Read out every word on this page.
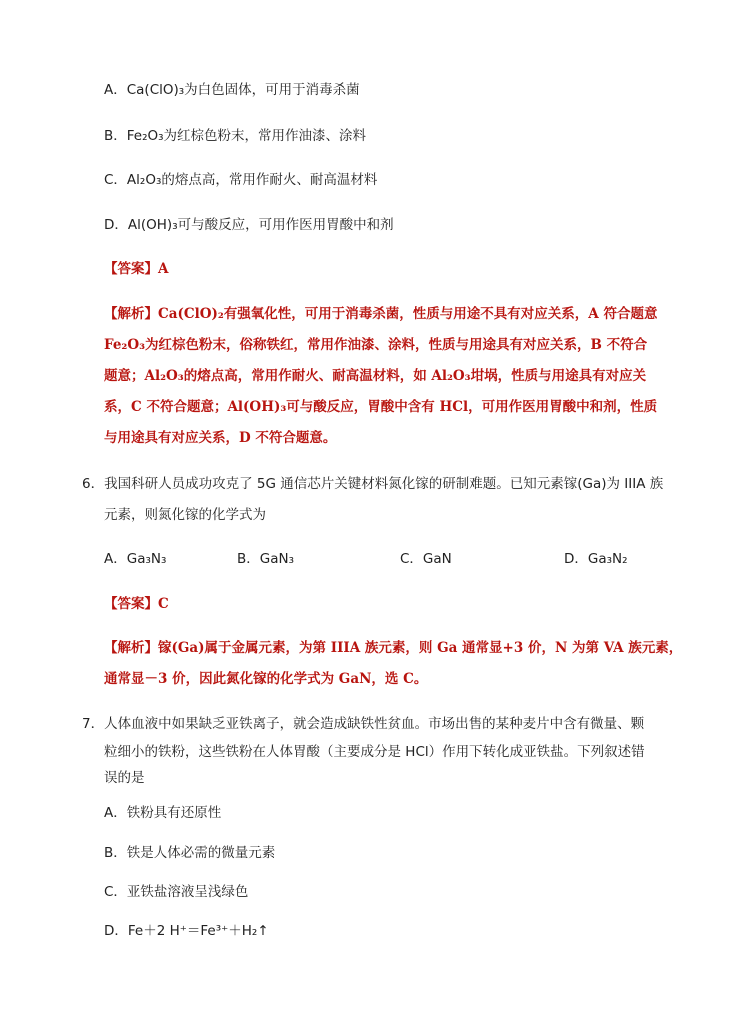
A．Ca(ClO)₃为白色固体，可用于消毒杀菌
B．Fe₂O₃为红棕色粉末，常用作油漆、涂料
C．Al₂O₃的熔点高，常用作耐火、耐高温材料
D．Al(OH)₃可与酸反应，可用作医用胃酸中和剂
【答案】A
【解析】Ca(ClO)₂有强氧化性，可用于消毒杀菌，性质与用途不具有对应关系，A 符合题意
Fe₂O₃为红棕色粉末，俗称铁红，常用作油漆、涂料，性质与用途具有对应关系，B 不符合
题意；Al₂O₃的熔点高，常用作耐火、耐高温材料，如 Al₂O₃坩埚，性质与用途具有对应关
系，C 不符合题意；Al(OH)₃可与酸反应，胃酸中含有 HCl，可用作医用胃酸中和剂，性质
与用途具有对应关系，D 不符合题意。
6．我国科研人员成功攻克了 5G 通信芯片关键材料氮化镓的研制难题。已知元素镓(Ga)为 IIIA 族
元素，则氮化镓的化学式为
A．Ga₃N₃	B．GaN₃	C．GaN	D．Ga₃N₂
【答案】C
【解析】镓(Ga)属于金属元素，为第 IIIA 族元素，则 Ga 通常显+3 价，N 为第 VA 族元素，
通常显－3 价，因此氮化镓的化学式为 GaN，选 C。
7．人体血液中如果缺乏亚铁离子，就会造成缺铁性贫血。市场出售的某种麦片中含有微量、颗
粒细小的铁粉，这些铁粉在人体胃酸（主要成分是 HCl）作用下转化成亚铁盐。下列叙述错
误的是
A．铁粉具有还原性
B．铁是人体必需的微量元素
C．亚铁盐溶液呈浅绿色
D．Fe＋2 H⁺＝Fe³⁺＋H₂↑
